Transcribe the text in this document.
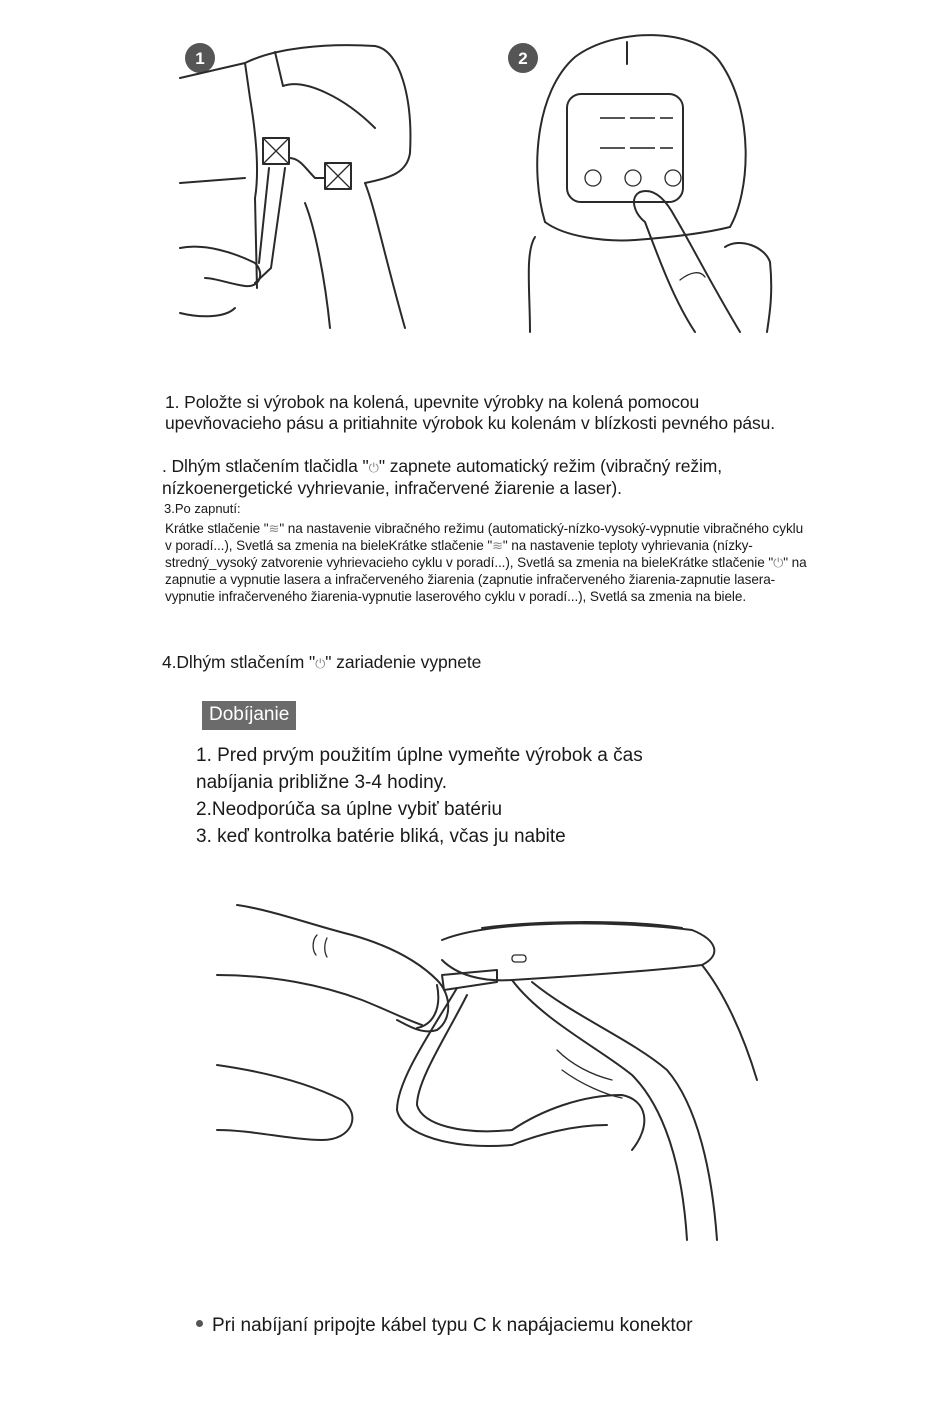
1	2

1. Položte si výrobok na kolená, upevnite výrobky na kolená pomocou upevňovacieho pásu a pritiahnite výrobok ku kolenám v blízkosti pevného pásu.

. Dlhým stlačením tlačidla "⏻" zapnete automatický režim (vibračný režim, nízkoenergetické vyhrievanie, infračervené žiarenie a laser).

3.Po zapnutí:

Krátke stlačenie "≋" na nastavenie vibračného režimu (automatický-nízko-vysoký-vypnutie vibračného cyklu v poradí...), Svetlá sa zmenia na bieleKrátke stlačenie "≋" na nastavenie teploty vyhrievania (nízky-stredný_vysoký zatvorenie vyhrievacieho cyklu v poradí...), Svetlá sa zmenia na bieleKrátke stlačenie "⏻" na zapnutie a vypnutie lasera a infračerveného žiarenia (zapnutie infračerveného žiarenia-zapnutie lasera-vypnutie infračerveného žiarenia-vypnutie laserového cyklu v poradí...), Svetlá sa zmenia na biele.

4.Dlhým stlačením "⏻" zariadenie vypnete

Dobíjanie
1. Pred prvým použitím úplne vymeňte výrobok a čas
nabíjania približne 3-4 hodiny.
2.Neodporúča sa úplne vybiť batériu
3. keď kontrolka batérie bliká, včas ju nabite
Pri nabíjaní pripojte kábel typu C k napájaciemu konektor
